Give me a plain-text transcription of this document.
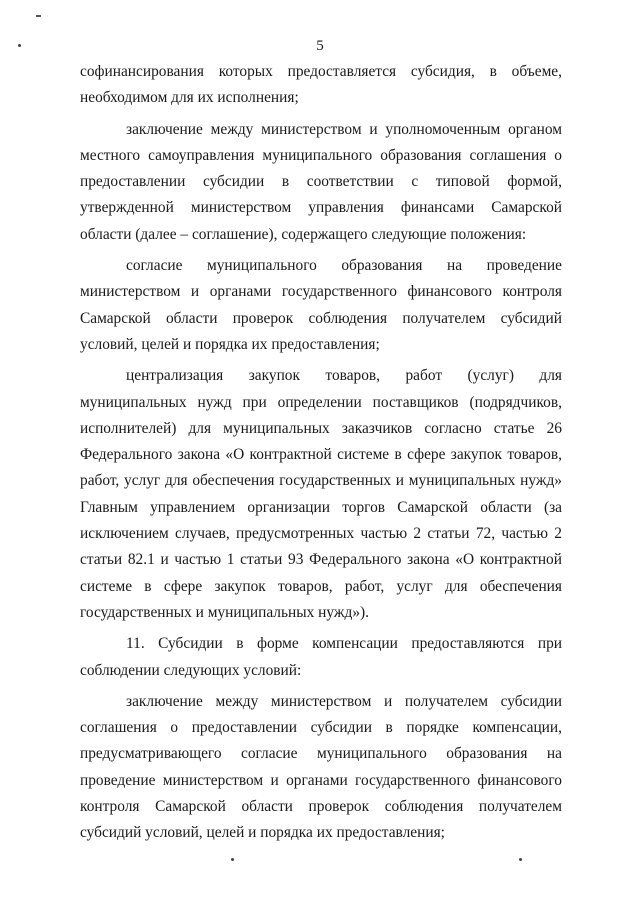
5

софинансирования которых предоставляется субсидия, в объеме, необходимом для их исполнения;

заключение между министерством и уполномоченным органом местного самоуправления муниципального образования соглашения о предоставлении субсидии в соответствии с типовой формой, утвержденной министерством управления финансами Самарской области (далее – соглашение), содержащего следующие положения:

согласие муниципального образования на проведение министерством и органами государственного финансового контроля Самарской области проверок соблюдения получателем субсидий условий, целей и порядка их предоставления;

централизация закупок товаров, работ (услуг) для муниципальных нужд при определении поставщиков (подрядчиков, исполнителей) для муниципальных заказчиков согласно статье 26 Федерального закона «О контрактной системе в сфере закупок товаров, работ, услуг для обеспечения государственных и муниципальных нужд» Главным управлением организации торгов Самарской области (за исключением случаев, предусмотренных частью 2 статьи 72, частью 2 статьи 82.1 и частью 1 статьи 93 Федерального закона «О контрактной системе в сфере закупок товаров, работ, услуг для обеспечения государственных и муниципальных нужд»).

11. Субсидии в форме компенсации предоставляются при соблюдении следующих условий:

заключение между министерством и получателем субсидии соглашения о предоставлении субсидии в порядке компенсации, предусматривающего согласие муниципального образования на проведение министерством и органами государственного финансового контроля Самарской области проверок соблюдения получателем субсидий условий, целей и порядка их предоставления;
